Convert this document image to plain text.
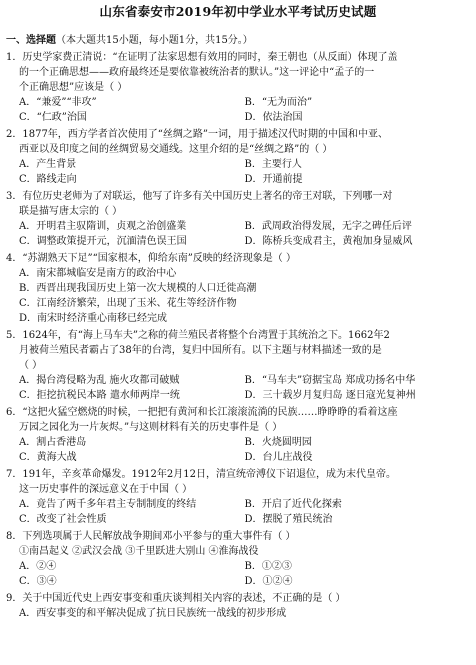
山东省泰安市2019年初中学业水平考试历史试题
一、选择题（本大题共15小题，每小题1分，共15分。）
1．历史学家费正清说：“在证明了法家思想有效用的同时，秦王朝也（从反面）体现了盖
的一个正确思想——政府最终还是要依靠被统治者的默认。”这一评论中“孟子的一
个正确思想”应该是（ ）
A．“兼爱”“非攻”	B．“无为而治”
C．“仁政”治国	D．依法治国
2．1877年，西方学者首次使用了“丝绸之路”一词，用于描述汉代时期的中国和中亚、
西亚以及印度之间的丝绸贸易交通线。这里介绍的是“丝绸之路”的（ ）
A．产生背景	B．主要行人
C．路线走向	D．开通前提
3．有位历史老师为了对联运，他写了许多有关中国历史上著名的帝王对联，下列哪一对
联是描写唐太宗的（ ）
A．开明君主驭隋训，贞观之治创盛業	B．武周政治得发展，无字之碑任后评
C．调整政策提开元，沉湎清色误王国	D．陈桥兵变成君主，黄袍加身显威风
4．“苏湖熟天下足”“国家根本，仰给东南”反映的经济现象是（ ）
A．南宋都城临安是南方的政治中心
B．西晋出现我国历史上第一次大规模的人口迁徙高潮
C．江南经济繁荣，出现了玉米、花生等经济作物
D．南宋时经济重心南移已经完成
5．1624年，有“海上马车夫”之称的荷兰殖民者将整个台湾置于其统治之下。1662年2
月被荷兰殖民者霸占了38年的台湾，复归中国所有。以下主题与材料描述一致的是
（ ）
A．揭台湾侵略为乱 施火攻都司破贼	B．“马车夫”窃据宝岛 郑成功扬名中华
C．拒挖抗税民本路 遣水师两岸一统	D．三十载岁月复归岛 逐日寇光复神州
6．“这把火猛空燃烧的时候，一把把有黄河和长江滚滚流淌的民族……睁睁睁的看着这座
万园之园化为一片灰烬。”与这则材料有关的历史事件是（ ）
A．割占香港岛	B．火烧圆明园
C．黄海大战	D．台儿庄战役
7．191年，辛亥革命爆发。1912年2月12日，清宣统帝溥仪下诏退位，成为末代皇帝。
这一历史事件的深远意义在于中国（ ）
A．竟告了两千多年君主专制制度的终结	B．开启了近代化探索
C．改变了社会性质	D．摆脱了殖民统治
8．下列选项属于人民解放战争期间邓小平参与的重大事件有（ ）
①南昌起义 ②武汉会战 ③千里跃进大别山 ④淮海战役
A．②④	B．①②③
C．③④	D．①②④
9．关于中国近代史上西安事变和重庆谈判相关内容的表述，不正确的是（ ）
A．西安事变的和平解决促成了抗日民族统一战线的初步形成
